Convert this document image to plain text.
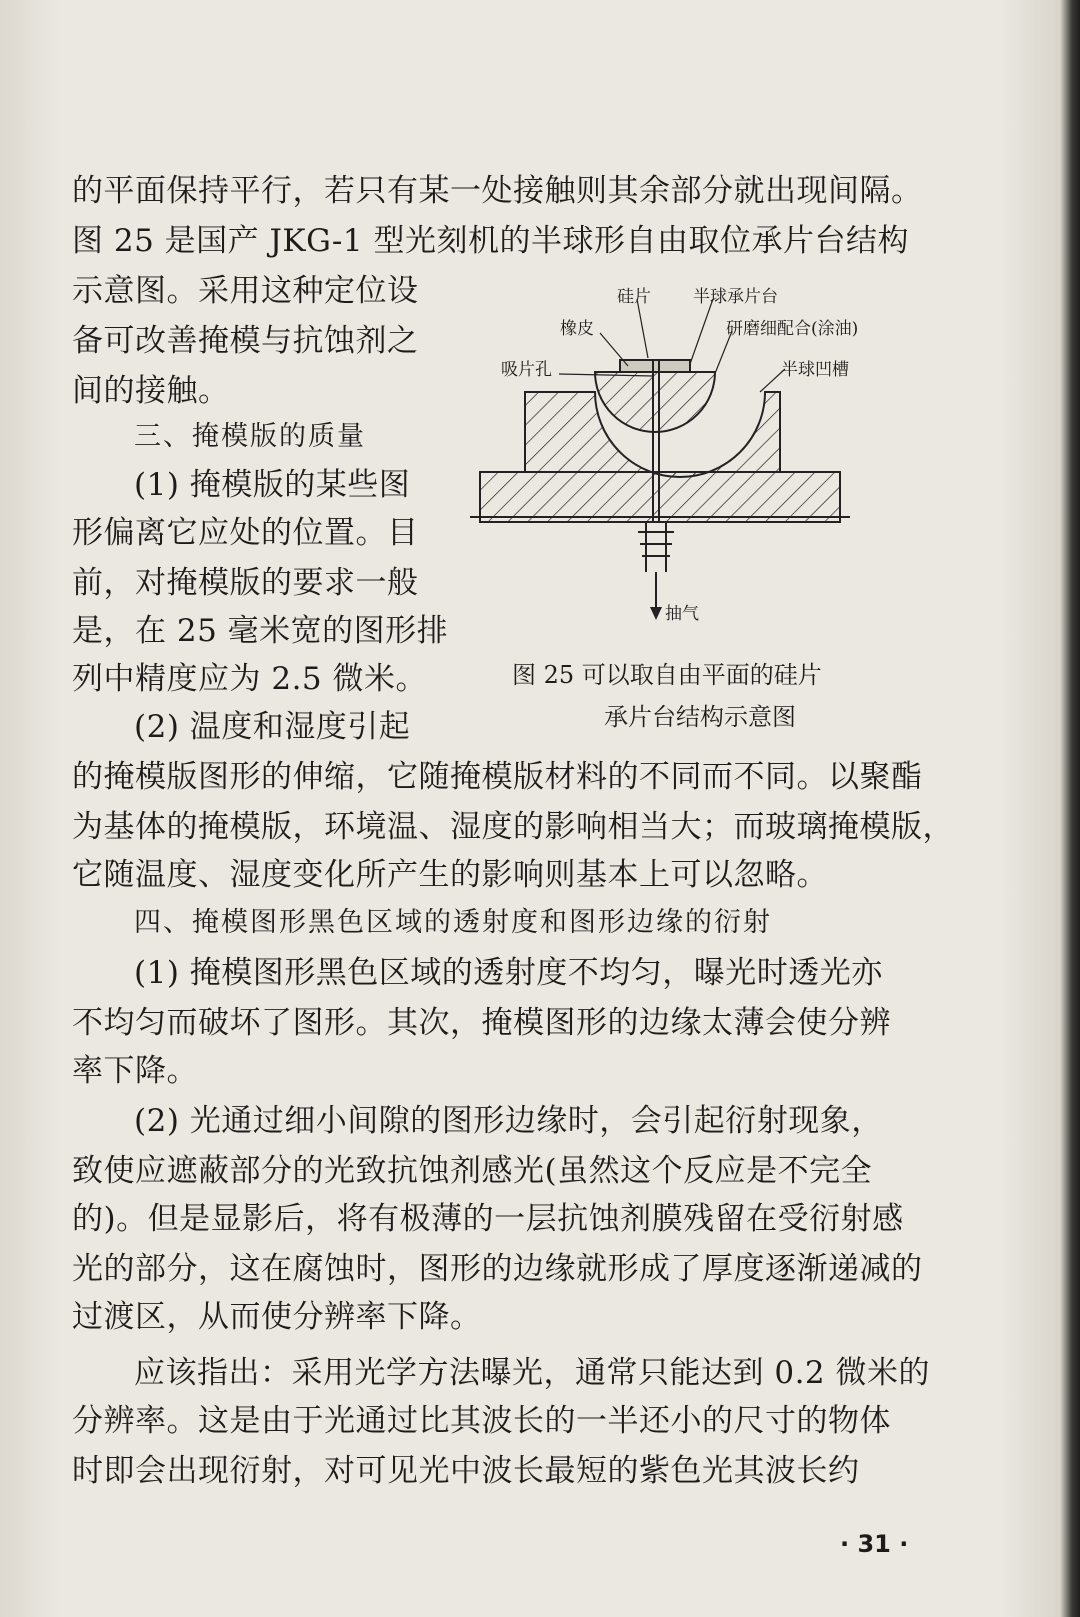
的平面保持平行，若只有某一处接触则其余部分就出现间隔。
图 25 是国产 JKG-1 型光刻机的半球形自由取位承片台结构
示意图。采用这种定位设
备可改善掩模与抗蚀剂之
间的接触。
三、掩模版的质量
(1) 掩模版的某些图
形偏离它应处的位置。目
前，对掩模版的要求一般
是，在 25 毫米宽的图形排
列中精度应为 2.5 微米。
(2) 温度和湿度引起
的掩模版图形的伸缩，它随掩模版材料的不同而不同。以聚酯
为基体的掩模版，环境温、湿度的影响相当大；而玻璃掩模版，
它随温度、湿度变化所产生的影响则基本上可以忽略。
四、掩模图形黑色区域的透射度和图形边缘的衍射
(1) 掩模图形黑色区域的透射度不均匀，曝光时透光亦
不均匀而破坏了图形。其次，掩模图形的边缘太薄会使分辨
率下降。
(2) 光通过细小间隙的图形边缘时，会引起衍射现象，
致使应遮蔽部分的光致抗蚀剂感光(虽然这个反应是不完全
的)。但是显影后，将有极薄的一层抗蚀剂膜残留在受衍射感
光的部分，这在腐蚀时，图形的边缘就形成了厚度逐渐递减的
过渡区，从而使分辨率下降。
应该指出：采用光学方法曝光，通常只能达到 0.2 微米的
分辨率。这是由于光通过比其波长的一半还小的尺寸的物体
时即会出现衍射，对可见光中波长最短的紫色光其波长约
硅片 半球承片台
橡皮	研磨细配合(涂油)
吸片孔	半球凹槽
抽气
图 25 可以取自由平面的硅片
承片台结构示意图
· 31 ·
